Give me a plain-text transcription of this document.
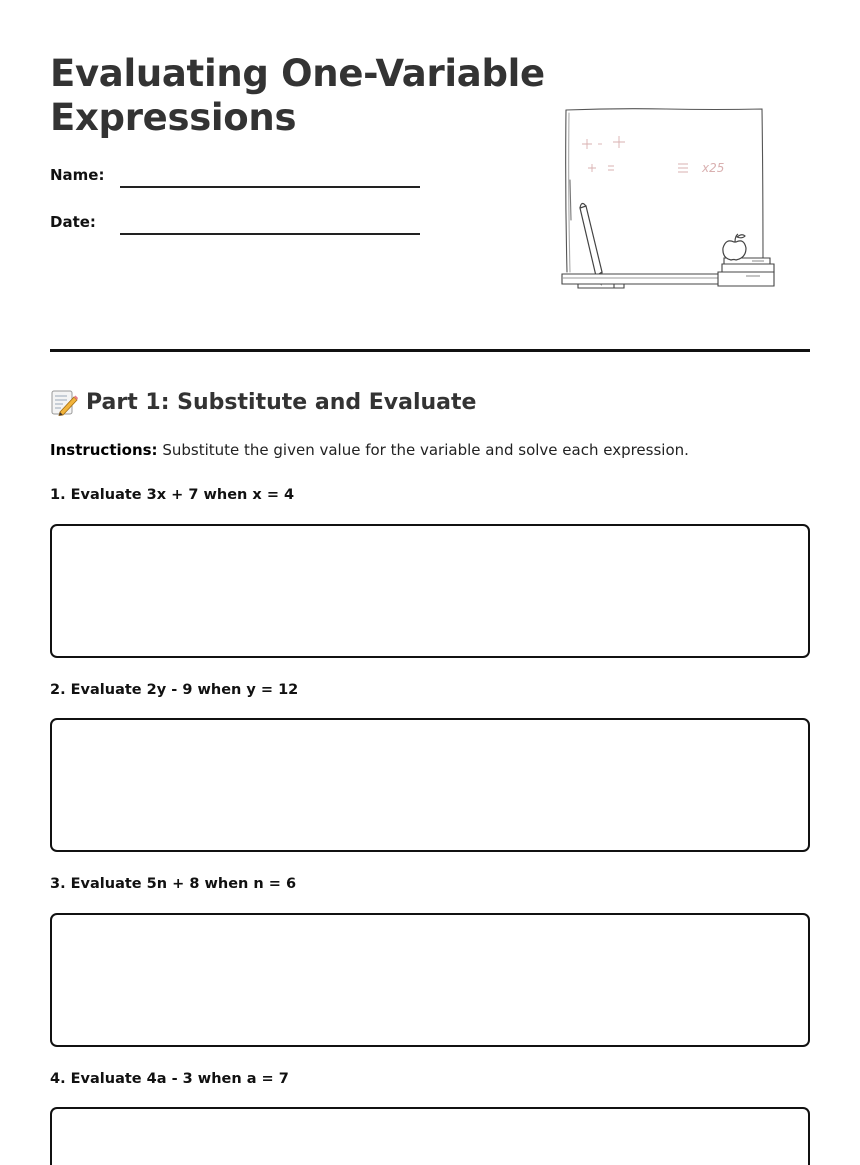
Evaluating One-Variable Expressions
Name:
Date:
x25
Part 1: Substitute and Evaluate
Instructions: Substitute the given value for the variable and solve each expression.
1. Evaluate 3x + 7 when x = 4
2. Evaluate 2y - 9 when y = 12
3. Evaluate 5n + 8 when n = 6
4. Evaluate 4a - 3 when a = 7
